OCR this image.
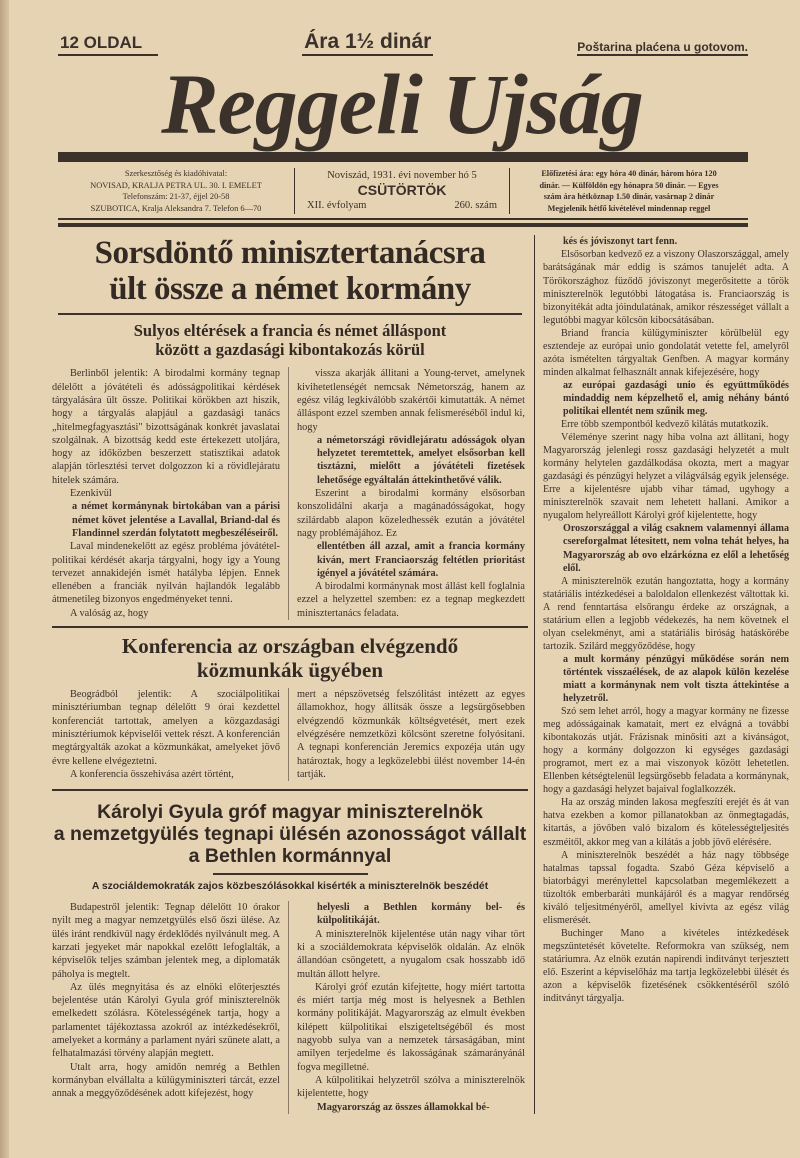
12 OLDAL	Ára 1½ dinár	Poštarina plaćena u gotovom.
Reggeli Ujság
Szerkesztőség és kiadóhivatal:
NOVISAD, KRALJA PETRA UL. 30. I. EMELET
Telefonszám: 21-37, éjjel 20-58
SZUBOTICA, Kralja Aleksandra 7. Telefon 6—70
Noviszád, 1931. évi november hó 5
CSÜTÖRTÖK
XII. évfolyam	260. szám
Előfizetési ára: egy hóra 40 dinár, három hóra 120
dinár. — Külföldön egy hónapra 50 dinár. — Egyes
szám ára hétköznap 1.50 dinár, vasárnap 2 dinár
Megjelenik hétfő kivételével mindennap reggel
Sorsdöntő minisztertanácsra
ült össze a német kormány
Sulyos eltérések a francia és német álláspont
között a gazdasági kibontakozás körül

Berlinből jelentik: A birodalmi kormány tegnap délelőtt a jóvátételi és adósságpolitikai kérdések tárgyalására ült össze. Politikai körökben azt hiszik, hogy a tárgyalás alapjául a gazdasági tanács „hitelmegfagyasztási" bizottságának konkrét javaslatai szolgálnak. A bizottság kedd este értekezett utoljára, hogy az időközben beszerzett statisztikai adatok alapján törlesztési tervet dolgozzon ki a rövidlejáratu hitelek számára.

Ezenkivül

a német kormánynak birtokában van a párisi német követ jelentése a Lavallal, Briand-dal és Flandinnel szerdán folytatott megbeszéléseiről.

Laval mindenekelőtt az egész probléma jóvátétel-politikai kérdését akarja tárgyalni, hogy igy a Young tervezet annakidején ismét hatályba lépjen. Ennek ellenében a franciák nyilván hajlandók legalább átmenetileg bizonyos engedményeket tenni.

A valóság az, hogy

vissza akarják állitani a Young-tervet, amelynek kivihetetlenségét nemcsak Németország, hanem az egész világ legkiválóbb szakértői kimutatták. A német álláspont ezzel szemben annak felismeréséből indul ki, hogy

a németországi rövidlejáratu adósságok olyan helyzetet teremtettek, amelyet elsősorban kell tisztázni, mielőtt a jóvátételi fizetések lehetősége egyáltalán áttekinthetővé válik.

Eszerint a birodalmi kormány elsősorban konszolidálni akarja a magánadósságokat, hogy szilárdabb alapon közeledhessék ezután a jóvátétel nagy problémájához. Ez

ellentétben áll azzal, amit a francia kormány kiván, mert Franciaország feltétlen prioritást igényel a jóvátétel számára.

A birodalmi kormánynak most állást kell foglalnia ezzel a helyzettel szemben: ez a tegnap megkezdett minisztertanács feladata.

Konferencia az országban elvégzendő
közmunkák ügyében

Beográdból jelentik: A szociálpolitikai minisztériumban tegnap délelőtt 9 órai kezdettel konferenciát tartottak, amelyen a közgazdasági minisztériumok képviselői vettek részt. A konferencián megtárgyalták azokat a közmunkákat, amelyeket jövő évre kellene elvégeztetni.

A konferencia összehivása azért történt,

mert a népszövetség felszólitást intézett az egyes államokhoz, hogy állitsák össze a legsürgősebben elvégzendő közmunkák költségvetését, mert ezek elvégzésére nemzetközi kölcsönt szeretne folyósitani. A tegnapi konferencián Jeremics expozéja után ugy határoztak, hogy a legközelebbi ülést november 14-én tartják.

Károlyi Gyula gróf magyar miniszterelnök
a nemzetgyülés tegnapi ülésén azonosságot vállalt
a Bethlen kormánnyal
A szociáldemokraták zajos közbeszólásokkal kisérték a miniszterelnök beszédét

Budapestről jelentik: Tegnap délelőtt 10 órakor nyilt meg a magyar nemzetgyülés első őszi ülése. Az ülés iránt rendkivül nagy érdeklődés nyilvánult meg. A karzati jegyeket már napokkal ezelőtt lefoglalták, a képviselők teljes számban jelentek meg, a diplomaták páholya is megtelt.

Az ülés megnyitása és az elnöki előterjesztés bejelentése után Károlyi Gyula gróf miniszterelnök emelkedett szólásra. Kötelességének tartja, hogy a parlamentet tájékoztassa azokról az intézkedésekről, amelyeket a kormány a parlament nyári szünete alatt, a felhatalmazási törvény alapján megtett.

Utalt arra, hogy amidőn nemrég a Bethlen kormányban elvállalta a külügyminiszteri tárcát, ezzel annak a meggyőződésének adott kifejezést, hogy

helyesli a Bethlen kormány bel- és külpolitikáját.

A miniszterelnök kijelentése után nagy vihar tört ki a szociáldemokrata képviselők oldalán. Az elnök állandóan csöngetett, a nyugalom csak hosszabb idő multán állott helyre.

Károlyi gróf ezután kifejtette, hogy miért tartotta és miért tartja még most is helyesnek a Bethlen kormány politikáját. Magyarország az elmult években kilépett külpolitikai elszigeteltségéből és most nagyobb sulya van a nemzetek társaságában, mint amilyen terjedelme és lakosságának számarányánál fogva megilletné.

A külpolitikai helyzetről szólva a miniszterelnök kijelentette, hogy

Magyarország az összes államokkal bé-

kés és jóviszonyt tart fenn.

Elsősorban kedvező ez a viszony Olaszországgal, amely barátságának már eddig is számos tanujelét adta. A Törökországhoz füződő jóviszonyt megerősitette a török miniszterelnök legutóbbi látogatása is. Franciaország is bizonyitékát adta jóindulatának, amikor részességet vállalt a legutóbbi magyar kölcsön kibocsátásában.

Briand francia külügyminiszter körülbelül egy esztendeje az európai unio gondolatát vetette fel, amelyről azóta ismételten tárgyaltak Genfben. A magyar kormány minden alkalmat felhasznált annak kifejezésére, hogy

az európai gazdasági unio és együttműködés mindaddig nem képzelhető el, amig néhány bántó politikai ellentét nem szűnik meg.

Erre több szempontból kedvező kilátás mutatkozik.

Véleménye szerint nagy hiba volna azt állitani, hogy Magyarország jelenlegi rossz gazdasági helyzetét a mult kormány helytelen gazdálkodása okozta, mert a magyar gazdasági és pénzügyi helyzet a világválság egyik jelensége. Erre a kijelentésre ujabb vihar támad, ugyhogy a miniszterelnök szavait nem lehetett hallani. Amikor a nyugalom helyreállott Károlyi gróf kijelentette, hogy

Oroszországgal a világ csaknem valamennyi állama csereforgalmat létesitett, nem volna tehát helyes, ha Magyarország ab ovo elzárkózna ez elől a lehetőség elől.

A miniszterelnök ezután hangoztatta, hogy a kormány statáriális intézkedései a baloldalon ellenkezést váltottak ki. A rend fenntartása elsőrangu érdeke az országnak, a statárium ellen a legjobb védekezés, ha nem követnek el olyan cselekményt, ami a statáriális biróság hatáskörébe tartozik. Szilárd meggyőződése, hogy

a mult kormány pénzügyi működése során nem történtek visszaélések, de az alapok külön kezelése miatt a kormánynak nem volt tiszta áttekintése a helyzetről.

Szó sem lehet arról, hogy a magyar kormány ne fizesse meg adósságainak kamatait, mert ez elvágná a további kibontakozás utját. Frázisnak minősiti azt a kivánságot, hogy a kormány dolgozzon ki egységes gazdasági programot, mert ez a mai viszonyok között lehetetlen. Ellenben kétségtelenül legsürgősebb feladata a kormánynak, hogy a gazdasági helyzet bajaival foglalkozzék.

Ha az ország minden lakosa megfeszíti erejét és át van hatva ezekben a komor pillanatokban az önmegtagadás, kitartás, a jövőben való bizalom és kötelességteljesités eszméitől, akkor meg van a kilátás a jobb jövő elérésére.

A miniszterelnök beszédét a ház nagy többsége hatalmas tapssal fogadta. Szabó Géza képviselő a biatorbágyi merénylettel kapcsolatban megemlékezett a tüzoltók emberbaráti munkájáról és a magyar rendőrség kiváló teljesitményéről, amellyel kivivta az egész világ elismerését.

Buchinger Mano a kivételes intézkedések megszüntetését követelte. Reformokra van szükség, nem statáriumra. Az elnök ezután napirendi inditványt terjesztett elő. Eszerint a képviselőház ma tartja legközelebbi ülését és azon a képviselők fizetésének csökkentéséről szóló inditványt tárgyalja.
